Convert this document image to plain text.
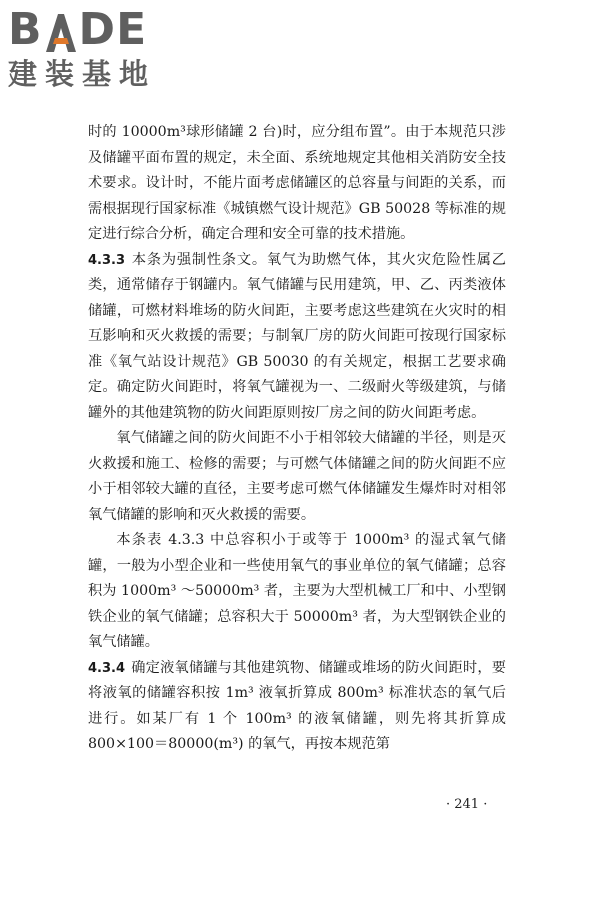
B DE
建装基地

时的 10000m³球形储罐 2 台)时，应分组布置”。由于本规范只涉及储罐平面布置的规定，未全面、系统地规定其他相关消防安全技术要求。设计时，不能片面考虑储罐区的总容量与间距的关系，而需根据现行国家标准《城镇燃气设计规范》GB 50028 等标准的规定进行综合分析，确定合理和安全可靠的技术措施。

4.3.3 本条为强制性条文。氧气为助燃气体，其火灾危险性属乙类，通常储存于钢罐内。氧气储罐与民用建筑，甲、乙、丙类液体储罐，可燃材料堆场的防火间距，主要考虑这些建筑在火灾时的相互影响和灭火救援的需要；与制氧厂房的防火间距可按现行国家标准《氧气站设计规范》GB 50030 的有关规定，根据工艺要求确定。确定防火间距时，将氧气罐视为一、二级耐火等级建筑，与储罐外的其他建筑物的防火间距原则按厂房之间的防火间距考虑。

氧气储罐之间的防火间距不小于相邻较大储罐的半径，则是灭火救援和施工、检修的需要；与可燃气体储罐之间的防火间距不应小于相邻较大罐的直径，主要考虑可燃气体储罐发生爆炸时对相邻氧气储罐的影响和灭火救援的需要。

本条表 4.3.3 中总容积小于或等于 1000m³ 的湿式氧气储罐，一般为小型企业和一些使用氧气的事业单位的氧气储罐；总容积为 1000m³ ～50000m³ 者，主要为大型机械工厂和中、小型钢铁企业的氧气储罐；总容积大于 50000m³ 者，为大型钢铁企业的氧气储罐。

4.3.4 确定液氧储罐与其他建筑物、储罐或堆场的防火间距时，要将液氧的储罐容积按 1m³ 液氧折算成 800m³ 标准状态的氧气后进行。如某厂有 1 个 100m³ 的液氧储罐，则先将其折算成 800×100＝80000(m³) 的氧气，再按本规范第

· 241 ·
